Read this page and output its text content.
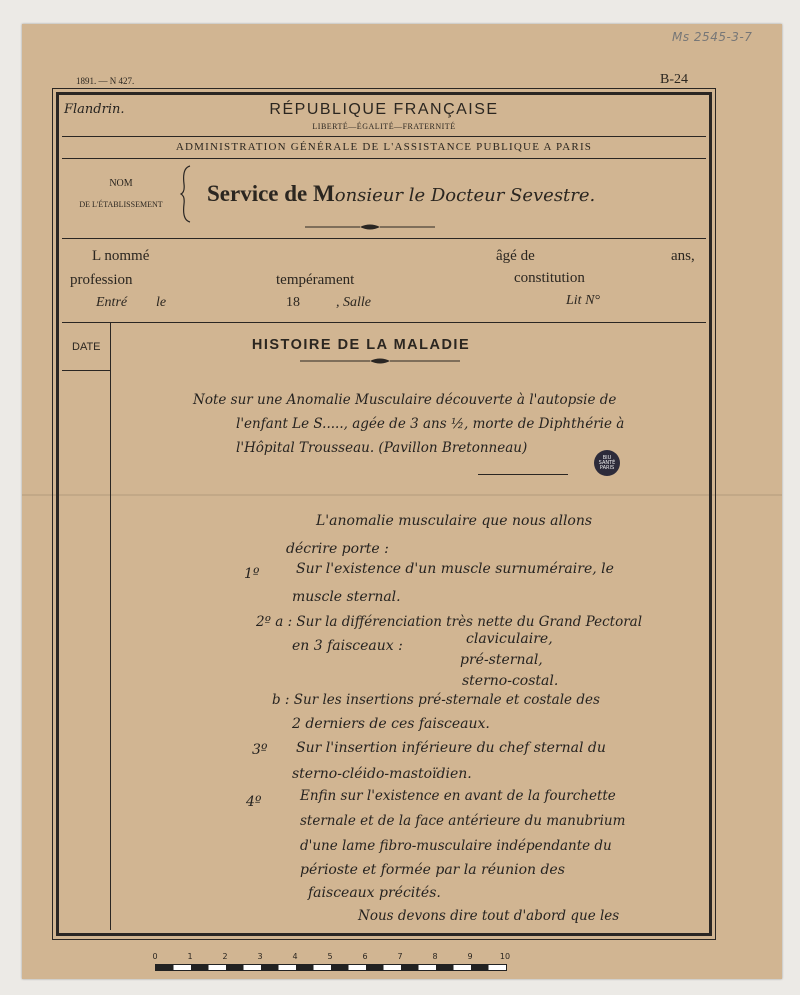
Ms 2545-3-7
1891. — N 427.	B-24
Flandrin.	RÉPUBLIQUE FRANÇAISE
LIBERTÉ—ÉGALITÉ—FRATERNITÉ
ADMINISTRATION GÉNÉRALE DE L'ASSISTANCE PUBLIQUE A PARIS
NOM
DE L'ÉTABLISSEMENT	Service de Monsieur le Docteur Sevestre.
L nommé	âgé de	ans,
profession	tempérament	constitution
Entré le	18	, Salle	Lit N°
DATE	HISTOIRE DE LA MALADIE
Note sur une Anomalie Musculaire découverte à l'autopsie de
l'enfant Le S....., agée de 3 ans ½, morte de Diphthérie à
l'Hôpital Trousseau. (Pavillon Bretonneau)
BIU SANTÉ PARIS
L'anomalie musculaire que nous allons
décrire porte :
1º	Sur l'existence d'un muscle surnuméraire, le
muscle sternal.
2º a : Sur la différenciation très nette du Grand Pectoral
en 3 faisceaux :	claviculaire,
pré-sternal,
sterno-costal.
b : Sur les insertions pré-sternale et costale des
2 derniers de ces faisceaux.
3º Sur l'insertion inférieure du chef sternal du
sterno-cléido-mastoïdien.
4º	Enfin sur l'existence en avant de la fourchette
sternale et de la face antérieure du manubrium
d'une lame fibro-musculaire indépendante du
périoste et formée par la réunion des
faisceaux précités.
Nous devons dire tout d'abord que les
0	1	2	3	4	5	6	7	8	9	10
